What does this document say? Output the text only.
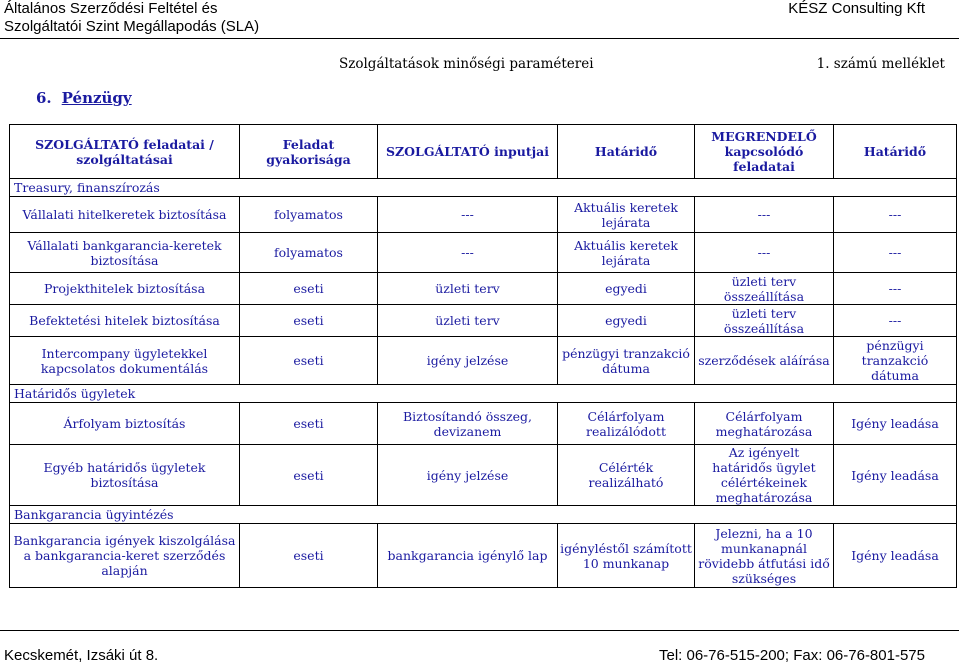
Általános Szerződési Feltétel és
Szolgáltatói Szint Megállapodás (SLA)
KÉSZ Consulting Kft
Szolgáltatások minőségi paraméterei	1. számú melléklet
6. Pénzügy
SZOLGÁLTATÓ feladatai / szolgáltatásai	Feladat gyakorisága	SZOLGÁLTATÓ inputjai	Határidő	MEGRENDELŐ kapcsolódó feladatai	Határidő
Treasury, finanszírozás					
Vállalati hitelkeretek biztosítása	folyamatos	---	Aktuális keretek lejárata	---	---
Vállalati bankgarancia-keretek biztosítása	folyamatos	---	Aktuális keretek lejárata	---	---
Projekthitelek biztosítása	eseti	üzleti terv	egyedi	üzleti terv összeállítása	---
Befektetési hitelek biztosítása	eseti	üzleti terv	egyedi	üzleti terv összeállítása	---
Intercompany ügyletekkel kapcsolatos dokumentálás	eseti	igény jelzése	pénzügyi tranzakció dátuma	szerződések aláírása	pénzügyi tranzakció dátuma
Határidős ügyletek					
Árfolyam biztosítás	eseti	Biztosítandó összeg, devizanem	Célárfolyam realizálódott	Célárfolyam meghatározása	Igény leadása
Egyéb határidős ügyletek biztosítása	eseti	igény jelzése	Célérték realizálható	Az igényelt határidős ügylet célértékeinek meghatározása	Igény leadása
Bankgarancia ügyintézés					
Bankgarancia igények kiszolgálása a bankgarancia-keret szerződés alapján	eseti	bankgarancia igénylő lap	igényléstől számított 10 munkanap	Jelezni, ha a 10 munkanapnál rövidebb átfutási idő szükséges	Igény leadása
Kecskemét, Izsáki út 8.	Tel: 06-76-515-200; Fax: 06-76-801-575
